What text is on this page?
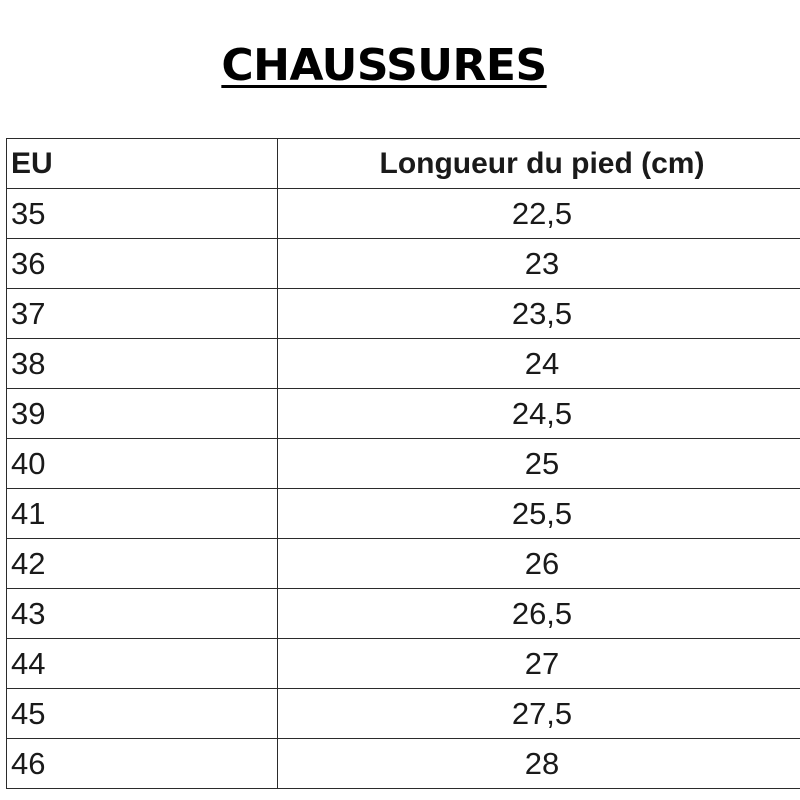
CHAUSSURES
EU	Longueur du pied (cm)
35	22,5
36	23
37	23,5
38	24
39	24,5
40	25
41	25,5
42	26
43	26,5
44	27
45	27,5
46	28
